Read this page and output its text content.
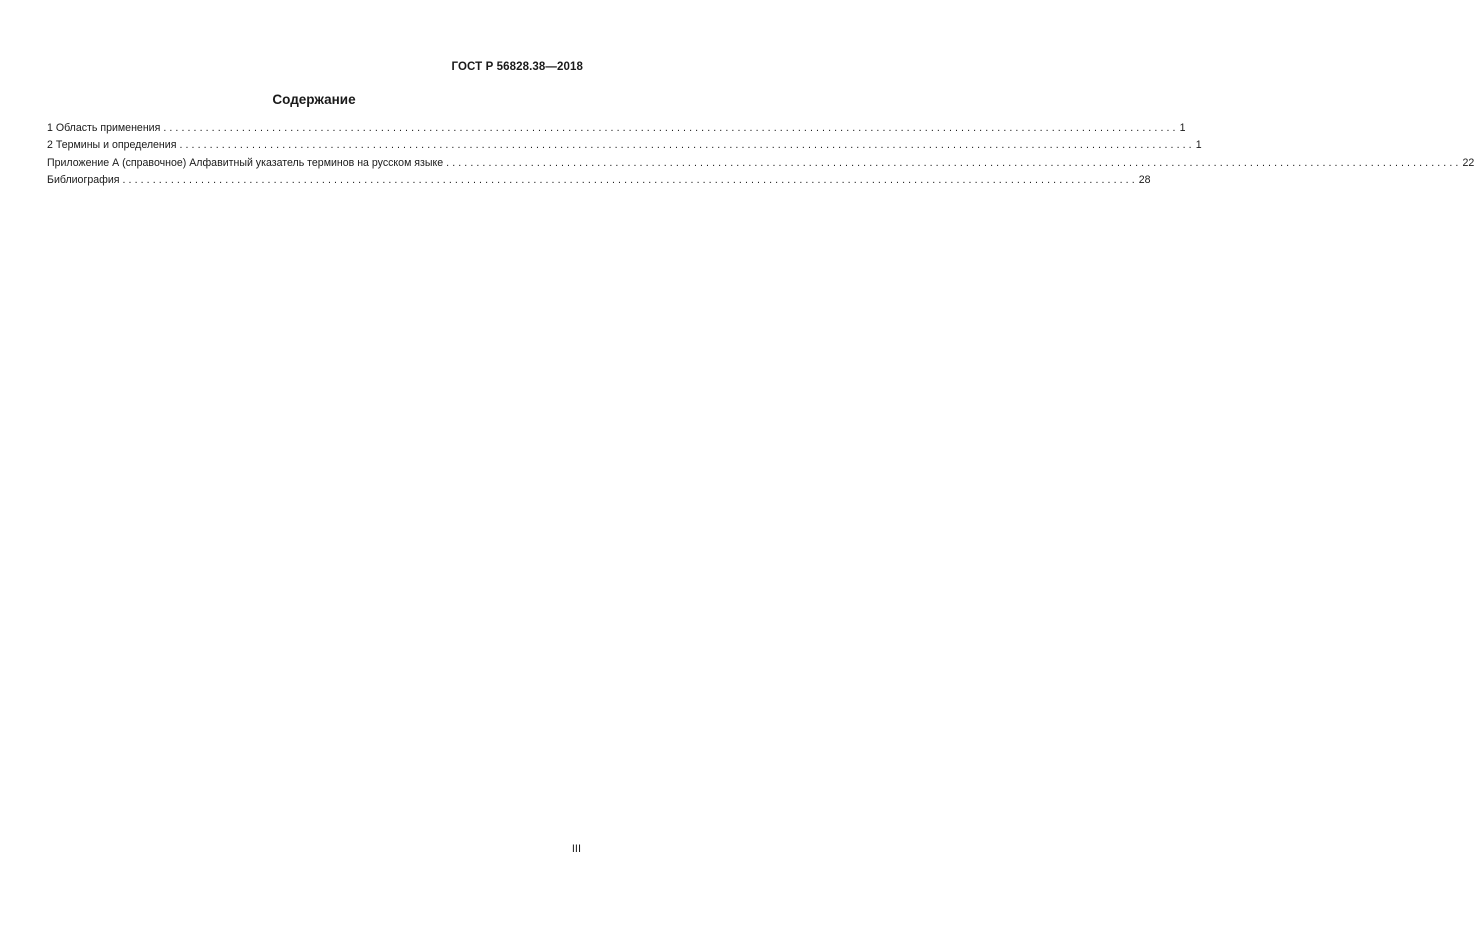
ГОСТ Р 56828.38—2018
Содержание
1 Область применения ........................................................................................................................................................................ 1
2 Термины и определения ........................................................................................................................................................................ 1
Приложение А (справочное) Алфавитный указатель терминов на русском языке ........................................................................................................................................................................ 22
Библиография ........................................................................................................................................................................ 28
III
